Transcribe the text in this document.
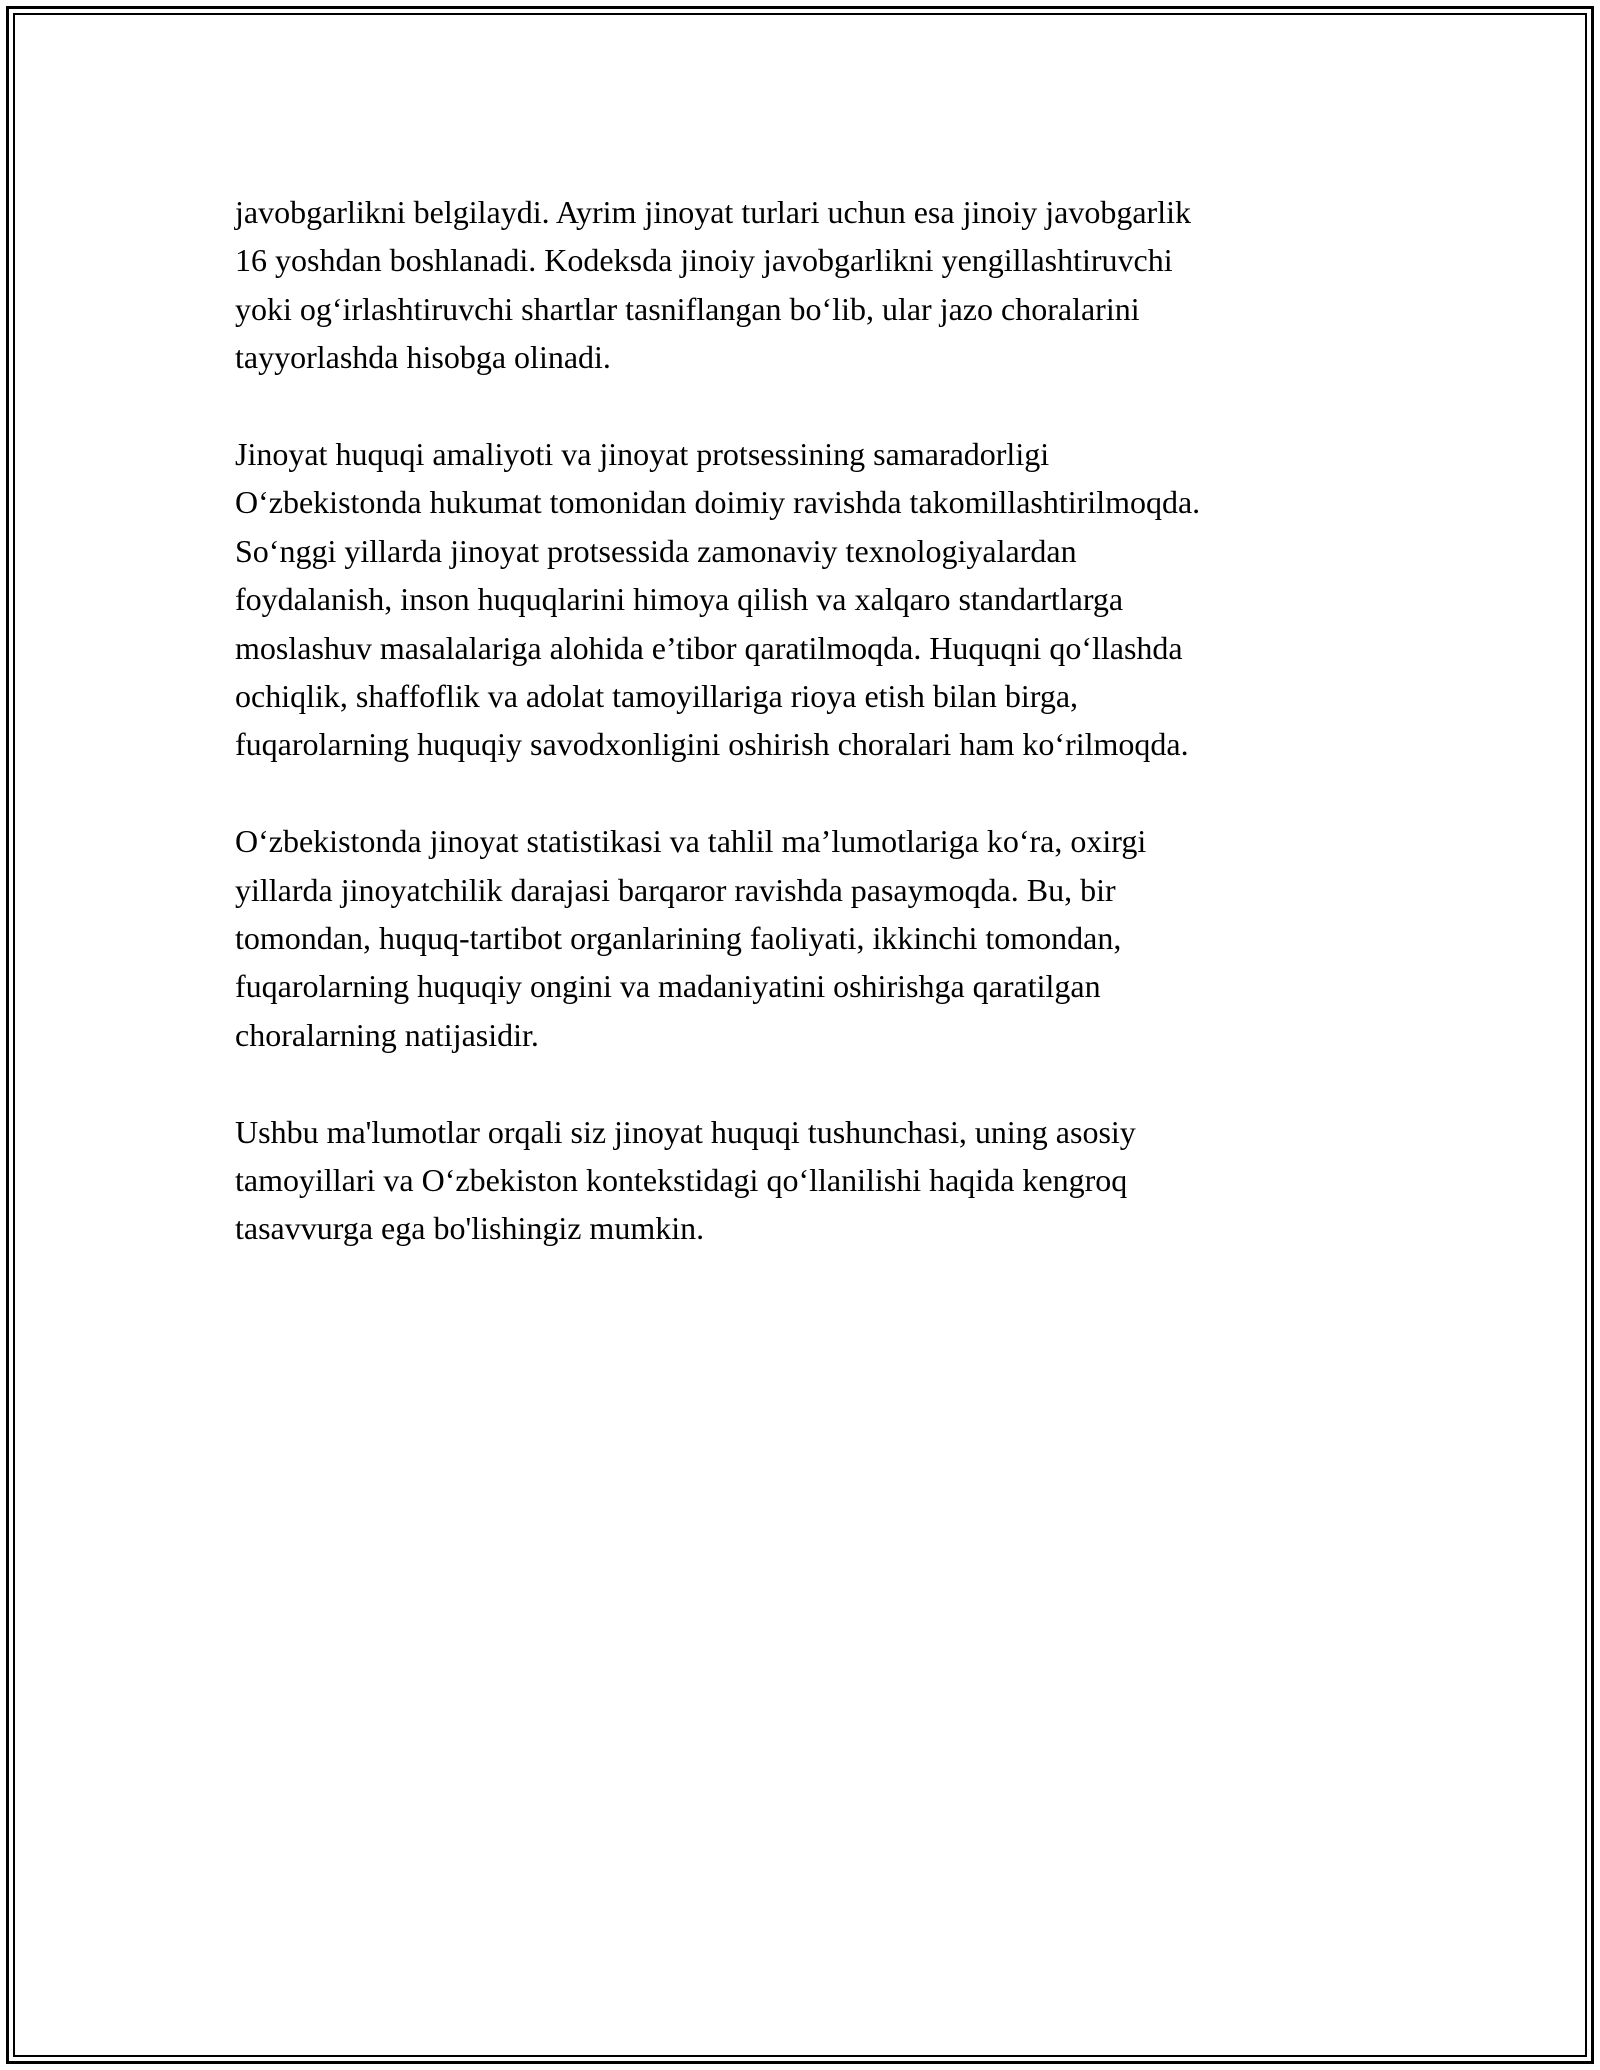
javobgarlikni belgilaydi. Ayrim jinoyat turlari uchun esa jinoiy javobgarlik
16 yoshdan boshlanadi. Kodeksda jinoiy javobgarlikni yengillashtiruvchi
yoki og‘irlashtiruvchi shartlar tasniflangan bo‘lib, ular jazo choralarini
tayyorlashda hisobga olinadi.

Jinoyat huquqi amaliyoti va jinoyat protsessining samaradorligi
O‘zbekistonda hukumat tomonidan doimiy ravishda takomillashtirilmoqda.
So‘nggi yillarda jinoyat protsessida zamonaviy texnologiyalardan
foydalanish, inson huquqlarini himoya qilish va xalqaro standartlarga
moslashuv masalalariga alohida e’tibor qaratilmoqda. Huquqni qo‘llashda
ochiqlik, shaffoflik va adolat tamoyillariga rioya etish bilan birga,
fuqarolarning huquqiy savodxonligini oshirish choralari ham ko‘rilmoqda.

O‘zbekistonda jinoyat statistikasi va tahlil ma’lumotlariga ko‘ra, oxirgi
yillarda jinoyatchilik darajasi barqaror ravishda pasaymoqda. Bu, bir
tomondan, huquq-tartibot organlarining faoliyati, ikkinchi tomondan,
fuqarolarning huquqiy ongini va madaniyatini oshirishga qaratilgan
choralarning natijasidir.

Ushbu ma'lumotlar orqali siz jinoyat huquqi tushunchasi, uning asosiy
tamoyillari va O‘zbekiston kontekstidagi qo‘llanilishi haqida kengroq
tasavvurga ega bo'lishingiz mumkin.
